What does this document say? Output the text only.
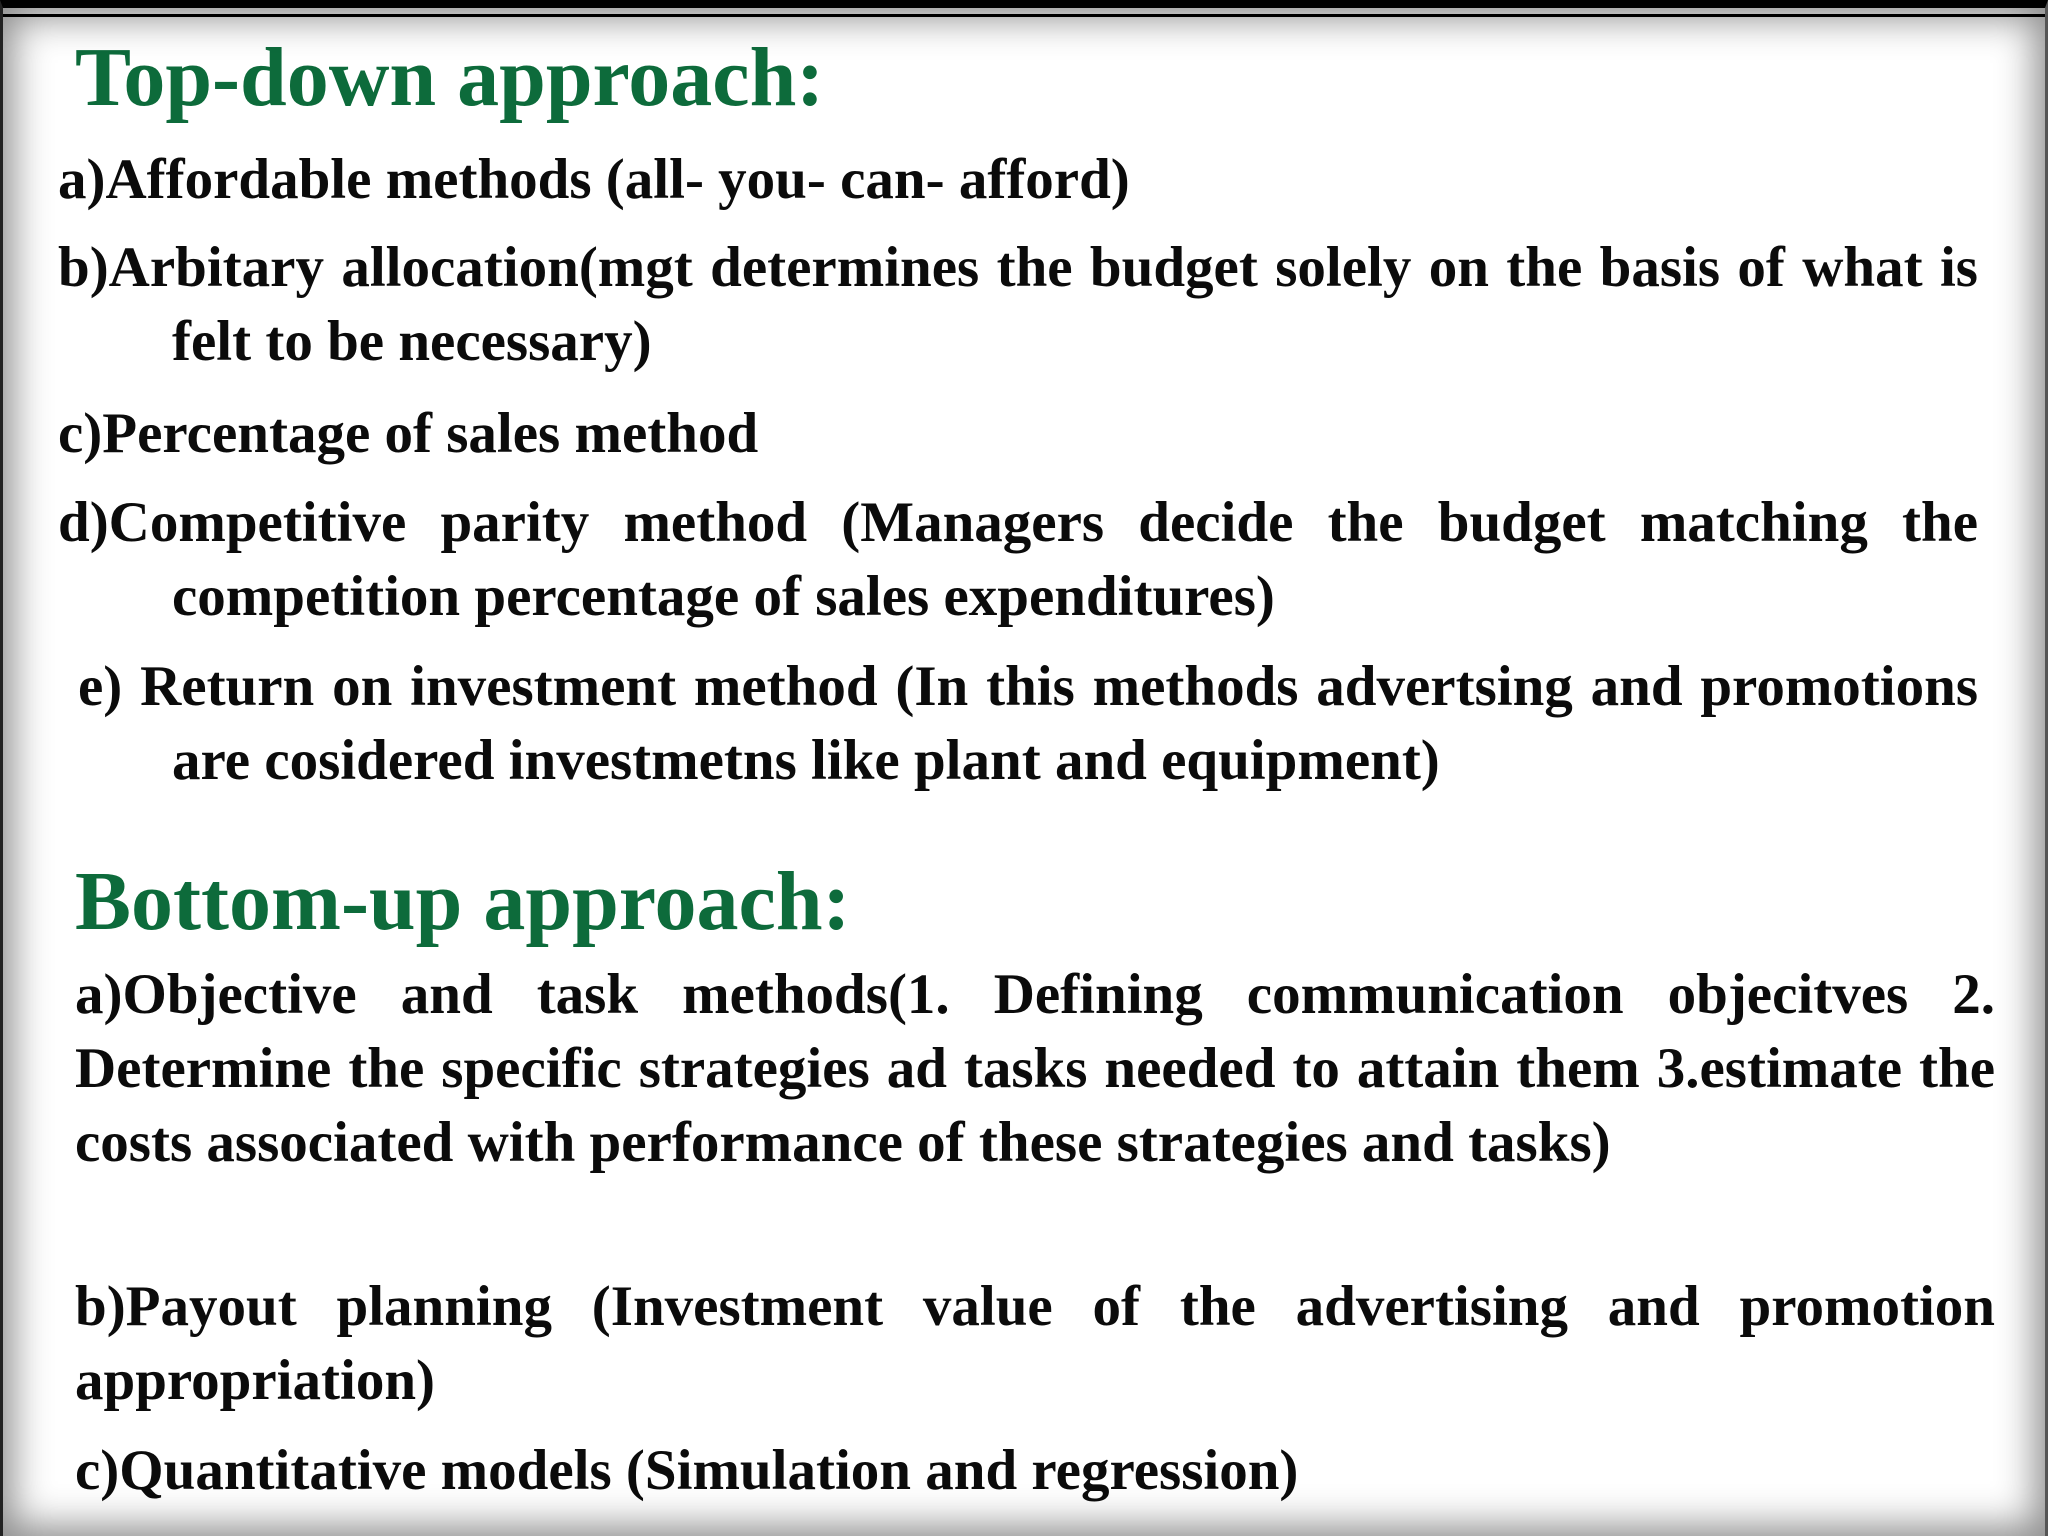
Top-down approach:

a)Affordable methods (all- you- can- afford)

b)Arbitary allocation(mgt determines the budget solely on the basis of what is felt to be necessary)

c)Percentage of sales method

d)Competitive parity method (Managers decide the budget matching the competition percentage of sales expenditures)

e) Return on investment method (In this methods advertsing and promotions are cosidered investmetns like plant and equipment)

Bottom-up approach:

a)Objective and task methods(1. Defining communication objecitves 2. Determine the specific strategies ad tasks needed to attain them 3.estimate the costs associated with performance of these strategies and tasks)

b)Payout planning (Investment value of the advertising and promotion appropriation)

c)Quantitative models (Simulation and regression)
